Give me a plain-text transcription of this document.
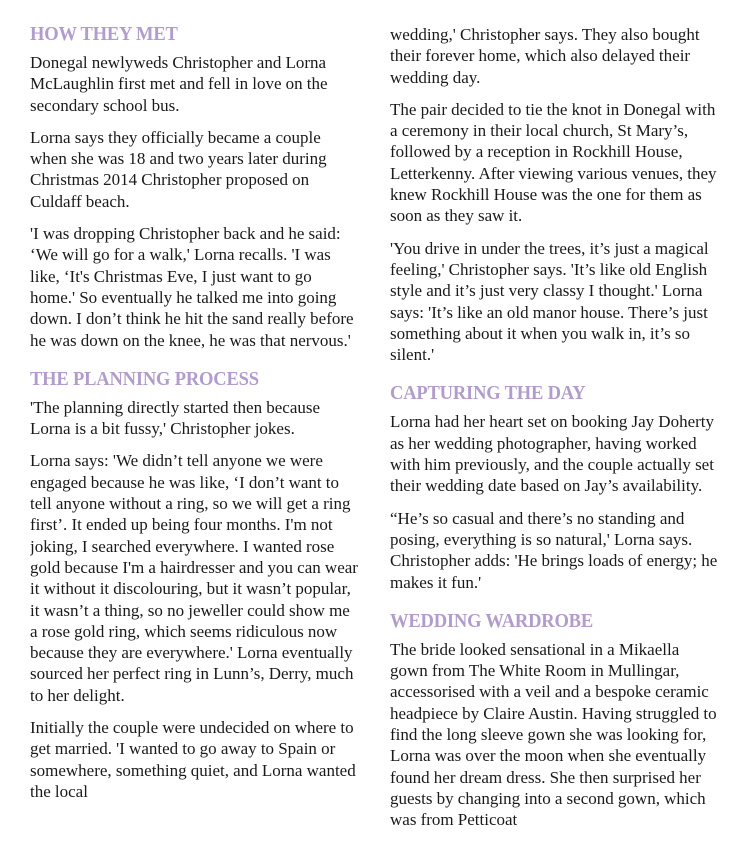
HOW THEY MET

Donegal newlyweds Christopher and Lorna McLaughlin first met and fell in love on the secondary school bus.

Lorna says they officially became a couple when she was 18 and two years later during Christmas 2014 Christopher proposed on Culdaff beach.

'I was dropping Christopher back and he said: ‘We will go for a walk,' Lorna recalls. 'I was like, ‘It's Christmas Eve, I just want to go home.' So eventually he talked me into going down. I don’t think he hit the sand really before he was down on the knee, he was that nervous.'

THE PLANNING PROCESS

'The planning directly started then because Lorna is a bit fussy,' Christopher jokes.

Lorna says: 'We didn’t tell anyone we were engaged because he was like, ‘I don’t want to tell anyone without a ring, so we will get a ring first’. It ended up being four months. I'm not joking, I searched everywhere. I wanted rose gold because I'm a hairdresser and you can wear it without it discolouring, but it wasn’t popular, it wasn’t a thing, so no jeweller could show me a rose gold ring, which seems ridiculous now because they are everywhere.' Lorna eventually sourced her perfect ring in Lunn’s, Derry, much to her delight.

Initially the couple were undecided on where to get married. 'I wanted to go away to Spain or somewhere, something quiet, and Lorna wanted the local

wedding,' Christopher says. They also bought their forever home, which also delayed their wedding day.

The pair decided to tie the knot in Donegal with a ceremony in their local church, St Mary’s, followed by a reception in Rockhill House, Letterkenny. After viewing various venues, they knew Rockhill House was the one for them as soon as they saw it.

'You drive in under the trees, it’s just a magical feeling,' Christopher says. 'It’s like old English style and it’s just very classy I thought.' Lorna says: 'It’s like an old manor house. There’s just something about it when you walk in, it’s so silent.'

CAPTURING THE DAY

Lorna had her heart set on booking Jay Doherty as her wedding photographer, having worked with him previously, and the couple actually set their wedding date based on Jay’s availability.

“He’s so casual and there’s no standing and posing, everything is so natural,' Lorna says. Christopher adds: 'He brings loads of energy; he makes it fun.'

WEDDING WARDROBE

The bride looked sensational in a Mikaella gown from The White Room in Mullingar, accessorised with a veil and a bespoke ceramic headpiece by Claire Austin. Having struggled to find the long sleeve gown she was looking for, Lorna was over the moon when she eventually found her dream dress. She then surprised her guests by changing into a second gown, which was from Petticoat
